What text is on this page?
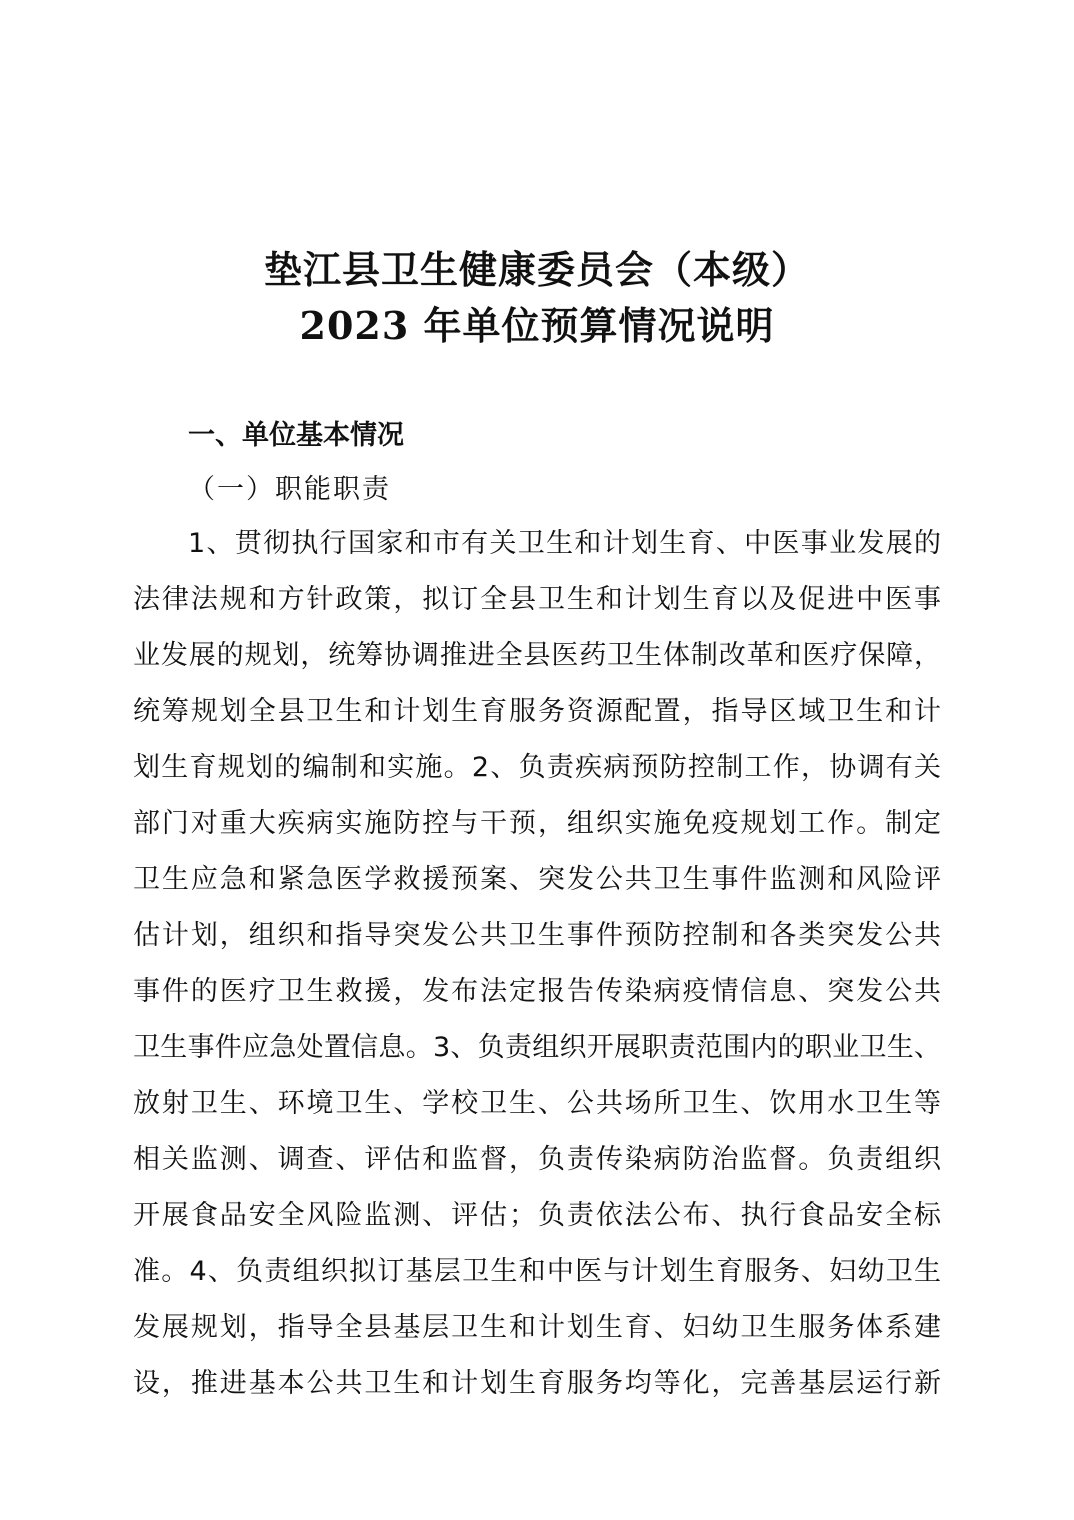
垫江县卫生健康委员会（本级）
2023 年单位预算情况说明
一、单位基本情况
（一）职能职责
1、贯彻执行国家和市有关卫生和计划生育、中医事业发展的
法律法规和方针政策，拟订全县卫生和计划生育以及促进中医事
业发展的规划，统筹协调推进全县医药卫生体制改革和医疗保障，
统筹规划全县卫生和计划生育服务资源配置，指导区域卫生和计
划生育规划的编制和实施。2、负责疾病预防控制工作，协调有关
部门对重大疾病实施防控与干预，组织实施免疫规划工作。制定
卫生应急和紧急医学救援预案、突发公共卫生事件监测和风险评
估计划，组织和指导突发公共卫生事件预防控制和各类突发公共
事件的医疗卫生救援，发布法定报告传染病疫情信息、突发公共
卫生事件应急处置信息。3、负责组织开展职责范围内的职业卫生、
放射卫生、环境卫生、学校卫生、公共场所卫生、饮用水卫生等
相关监测、调查、评估和监督，负责传染病防治监督。负责组织
开展食品安全风险监测、评估；负责依法公布、执行食品安全标
准。4、负责组织拟订基层卫生和中医与计划生育服务、妇幼卫生
发展规划，指导全县基层卫生和计划生育、妇幼卫生服务体系建
设，推进基本公共卫生和计划生育服务均等化，完善基层运行新
